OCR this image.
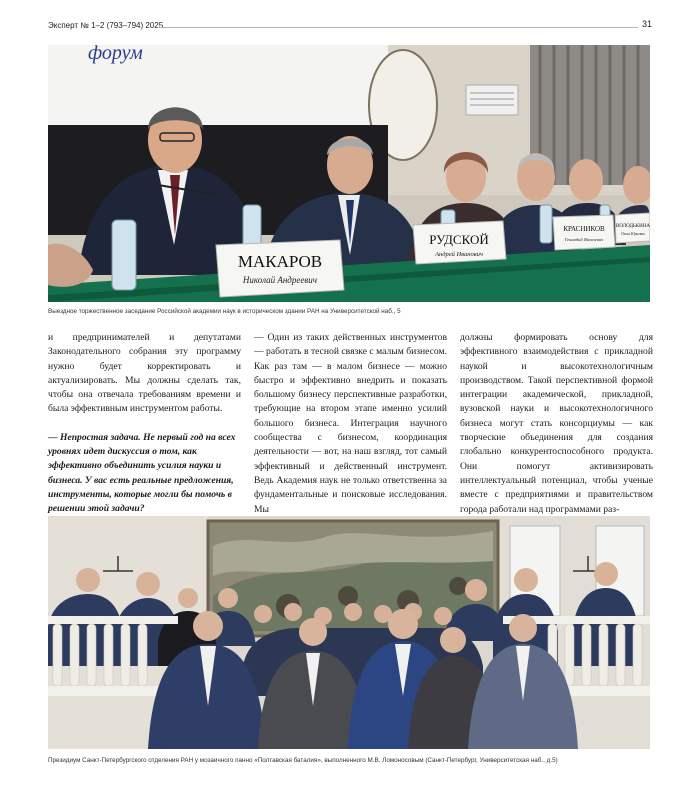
Эксперт № 1–2 (793–794) 2025	31
форум
МАКАРОВ
Николай Андреевич
РУДСКОЙ
Андрей Иванович
КРАСНИКОВ
Геннадий Яковлевич
ВОЛОДЬКИНА
Ольга Юрьевна
Выездное торжественное заседание Российской академии наук в историческом здании РАН на Университетской наб., 5

и предпринимателей и депутатами Законодательного собрания эту программу нужно будет корректировать и актуализировать. Мы должны сделать так, чтобы она отвечала требованиям времени и была эффективным инструментом работы.

— Непростая задача. Не первый год на всех уровнях идет дискуссия о том, как эффективно объединить усилия науки и бизнеса. У вас есть реальные предложения, инструменты, которые могли бы помочь в решении этой задачи?

— Один из таких действенных инструментов — работать в тесной связке с малым бизнесом. Как раз там — в малом бизнесе — можно быстро и эффективно внедрить и показать большому бизнесу перспективные разработки, требующие на втором этапе именно усилий большого бизнеса. Интеграция научного сообщества с бизнесом, координация деятельности — вот, на наш взгляд, тот самый эффективный и действенный инструмент. Ведь Академия наук не только ответственна за фундаментальные и поисковые исследования. Мы

должны формировать основу для эффективного взаимодействия с прикладной наукой и высокотехнологичным производством. Такой перспективной формой интеграции академической, прикладной, вузовской науки и высокотехнологичного бизнеса могут стать консорциумы — как творческие объединения для создания глобально конкурентоспособного продукта. Они помогут активизировать интеллектуальный потенциал, чтобы ученые вместе с предприятиями и правительством города работали над программами раз-

Президиум Санкт-Петербургского отделения РАН у мозаичного панно «Полтавская баталия», выполненного М.В. Ломоносовым (Санкт-Петербург, Университетская наб., д.5)
